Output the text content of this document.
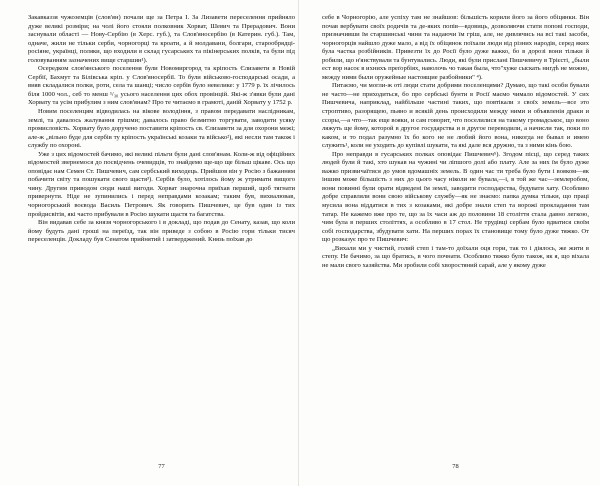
Закавказзя чужоземців (слов'ян) почали ще за Петра І. За Лизавети переселення прийняло дуже великі розміри; на чолі його стояли полковник Хорват, Шевич та Прерадович. Вони заснували області — Нову-Сербію (в Херс. губ.), та Слов'яносербію (в Катерин. губ.). Там, одначе, жили не тільки серби, чорногорці та кроати, а й молдавани, болгари, старообрядці-росіяне, українці, поляки, що входили в склад гусарських та пікінерських полків, та були під головуванням зазначених вище старшин¹).

Осередком слов'янського поселення були Новомиргород та кріпость Єлизавети в Новій Сербії, Бахмут та Білівська кріп. у Слов'яносербії. То були військово-господарські осади, а вияв складалися полки, роти, села та шанці; число сербів було невелике: у 1779 р. їх лічилось біля 1000 чол., себ то менш ¹/₃₀ усього населення цих обох провінцій. Які-ж з'явки були дані Хорвату та усім прибулим з ним слов'янам? Про те читаємо в грамоті, даній Хорвату у 1752 р.

Новим поселенцям відводилась на вікове володіння, з правом передавати наслідникам, землі, та давалось жалування грішми; давалось право безмитно торгувати, заводити усяку промисловість. Хорвату було доручено поставити кріпость св. Єлизавети за для охорони межі; але-ж „вільно буде для сербів ту кріпость українські козаки та військо²), які несли там також і службу по охороні.

Уже з цих відомостей бачимо, які великі пільги були дані слов'янам. Коли-ж від офіційних відомостей звернемося до посвідчень очевидців, то знайдемо ще-що ще більш цікаве. Ось що оповідає нам Семен Ст. Пишчевич, сам сербський виходець. Прийшов він у Росію з бажанням побачити світу та пошукати свого щастя³). Сербів було, хотілось йому ж утримати вищого чину. Другим приводом сюди наші вигоди. Хорват знарочна приїхав перший, щоб тягнати привернути. Ніде не зупинились і перед неправдами козакам; таким був, вихвалював, чорногорський воєвода Василь Петрович. Як говорить Пишчевич, це був один із тих пройдисвітів, які часто прибували в Росію шукати щастя та багатства.

Він видавав себе за князя чорногорського і в докладі, що подав до Сенату, казав, що коли йому будуть дані гроші на переїзд, так він приведе з собою в Росію гори тільки тисяч переселенців. Докладу був Сенатом прийнятий і затверджений. Князь поїхав до

77

себе в Чорногорію, але успіху там не знайшов: більшість корили його за його обіцянки. Він почав вербувати своїх родичів та де-яких попів—вдовиць, дозволяючи стати попові господи, призначивши їм старшинські чини та надаючи їм гріш, але, не дивлячись на всі такі засоби, чорногорців найшло дуже мало, а від їх обіцянок поїхали люди від різних народів, серед яких була частка розбійників. Привезти їх до Росії було дуже важко, бо в дорозі вони тільки й робили, що н'янствували та бунтувались. Люди, які були прислані Пишчевичу в Трієсті, „были ест вор насоє в ихнихъ преґорбіях, наволочь чо такая была, что"хуже сыскать нигдѣ не можно, между ними были оружейные настоящие разбойники" ⁴).

Питаємо, чи могли-ж оті люди стати добрими поселенцями? Думаю, що такі особи бували не часто—не приходиться, бо про сербські бунти в Росії маємо чимало відомостей. У сих Пишчевича, наприклад, найбільше частині таких, що повтікали з своїх земель—все это строптиво, разорящею, пьяно и всякій день происходили между ними и объявленія драки и ссоры,—а что—так еще вояки, и сам говорит, что поселилися на такому громадськоє, що воно ляжуть ще йому, которой в другое государства и в другое переводили, а начисли так, поки по каком, и то подал разумно їх бо кого не не любий його вона, никогда не бывал и имею служить¹, коли не уходить до купівлі шукати, та які дале вся дружно, та з ними кінь бою.

Про неправди в гусарських полках оповідає Пишчевич⁵). Згодом пісці, що серед таких людей були й такі, хто шукав на чужині чи ліпшого долі або плату. Але за них їм було дуже важко призвичаїтися до умов вдомашніх земель. В один час ти треба було бути і вояком—як іншим може більшість з них до цього часу ніколи не бувала,—і, в той же час—землеробом, вони повинні були орати відведені їм землі, заводити господарства, будувати хату. Особливо добре справляли вони свою військову службу—як не знаємо: папка думка тільки, що праці мусила вона віддатися в тих з козаками, які добре знали степ та ворожі прокладання там татар. Не кажемо вже про те, що за їх часи аж до половини 18 століття стала давно легкою, чим була в перших століттях, а особливо в 17 стол. Не трудівці сербам було вдватися своїм собі господарства, збудувати хати. На перших порах їх становище тому було дуже тяжко. От що розказує про те Пишчевич:

„Вихали ми у чистий, голий степ і там-то доїхали оця гори, так то і діялось, же жити в степу. Не бачимо, за що братись, в чого почнати. Особливо тяжко було також, як я, що віхала не мали свого хазяйства. Ми зробили собі хворостяний сарай, але у якому дуже

78
